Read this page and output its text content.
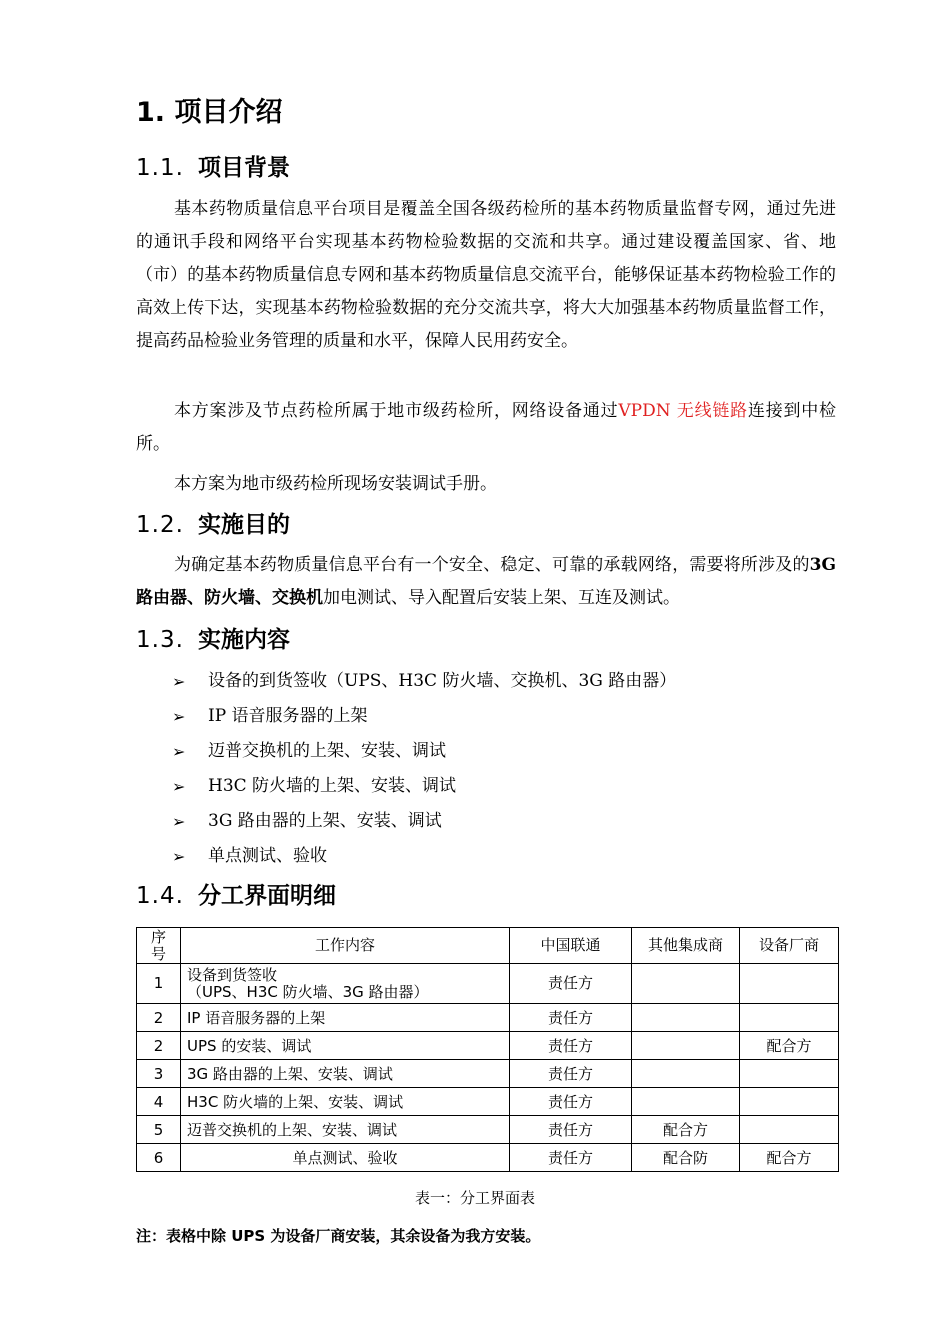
1. 项目介绍
1.1. 项目背景

基本药物质量信息平台项目是覆盖全国各级药检所的基本药物质量监督专网，通过先进的通讯手段和网络平台实现基本药物检验数据的交流和共享。通过建设覆盖国家、省、地（市）的基本药物质量信息专网和基本药物质量信息交流平台，能够保证基本药物检验工作的高效上传下达，实现基本药物检验数据的充分交流共享，将大大加强基本药物质量监督工作，提高药品检验业务管理的质量和水平，保障人民用药安全。

本方案涉及节点药检所属于地市级药检所，网络设备通过VPDN 无线链路连接到中检所。

本方案为地市级药检所现场安装调试手册。

1.2. 实施目的

为确定基本药物质量信息平台有一个安全、稳定、可靠的承载网络，需要将所涉及的3G 路由器、防火墙、交换机加电测试、导入配置后安装上架、互连及测试。

1.3. 实施内容
➢	设备的到货签收（UPS、H3C 防火墙、交换机、3G 路由器）
➢	IP 语音服务器的上架
➢	迈普交换机的上架、安装、调试
➢	H3C 防火墙的上架、安装、调试
➢	3G 路由器的上架、安装、调试
➢	单点测试、验收
1.4. 分工界面明细
序
号	工作内容	中国联通	其他集成商	设备厂商
1	设备到货签收
（UPS、H3C 防火墙、3G 路由器）	责任方		
2	IP 语音服务器的上架	责任方		
2	UPS 的安装、调试	责任方		配合方
3	3G 路由器的上架、安装、调试	责任方		
4	H3C 防火墙的上架、安装、调试	责任方		
5	迈普交换机的上架、安装、调试	责任方	配合方	
6	单点测试、验收	责任方	配合防	配合方
表一：分工界面表
注：表格中除 UPS 为设备厂商安装，其余设备为我方安装。
